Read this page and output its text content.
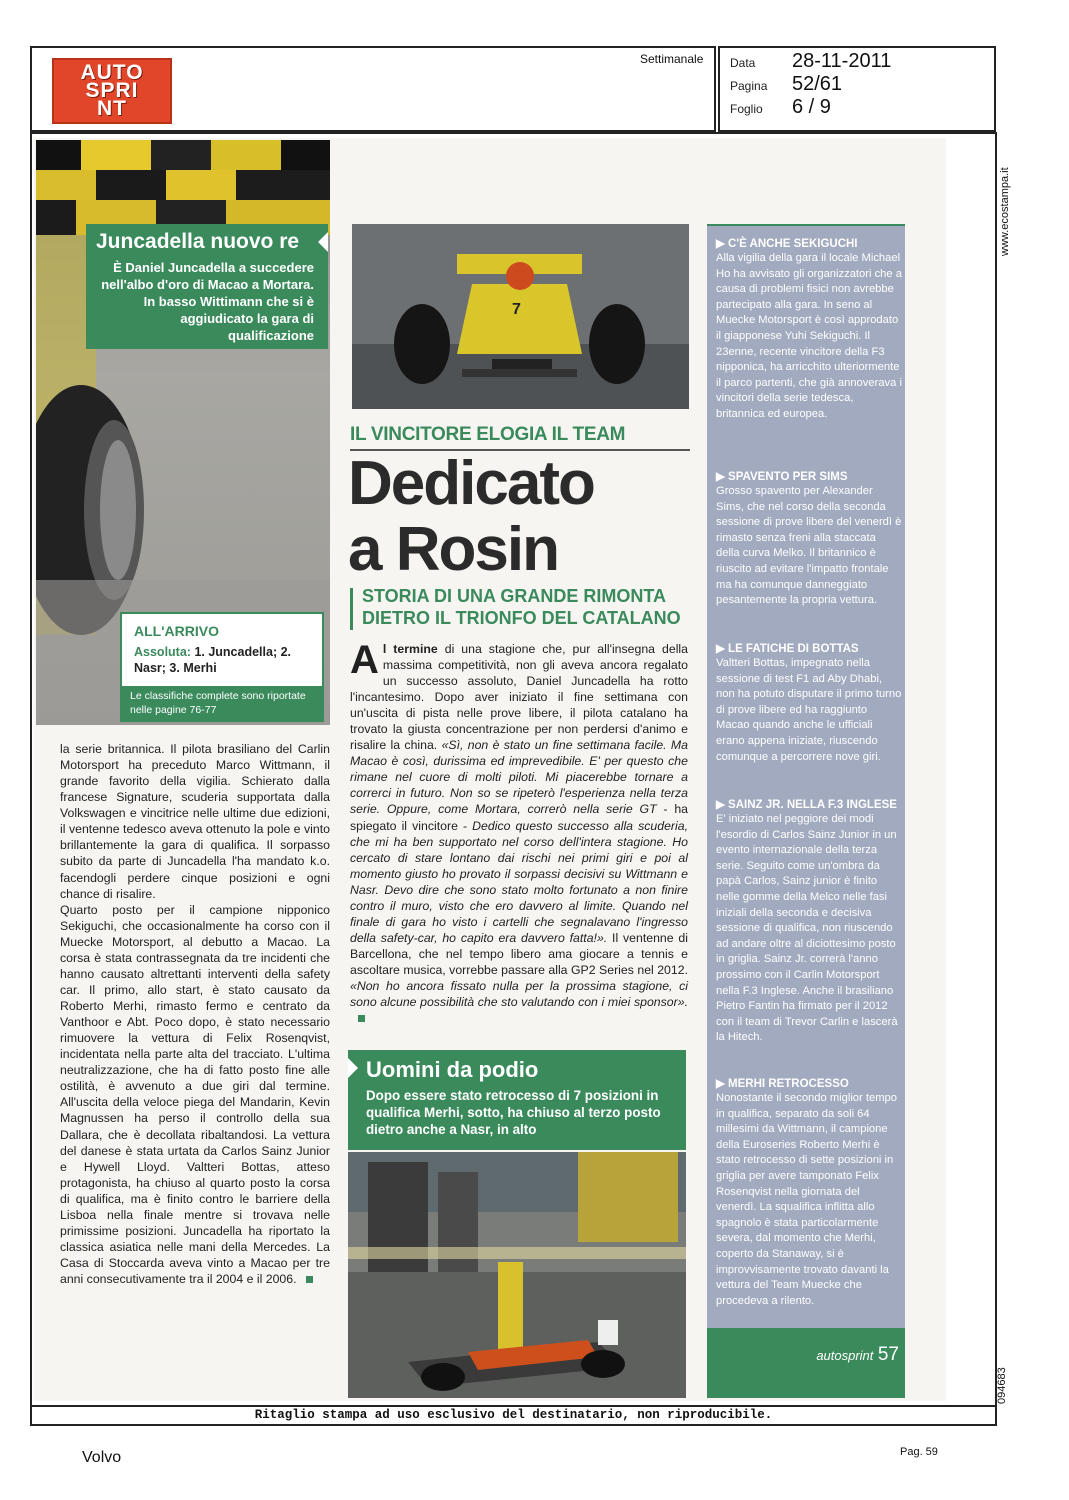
AUTO
SPRI
NT
Settimanale Data 28-11-2011
Pagina 52/61
Foglio 6 / 9
www.ecostampa.it
094683
Juncadella nuovo re
È Daniel Juncadella a succedere nell'albo d'oro di Macao a Mortara. In basso Wittimann che si è aggiudicato la gara di qualificazione
ALL'ARRIVO
Assoluta: 1. Juncadella; 2. Nasr; 3. Merhi
Le classifiche complete sono riportate nelle pagine 76-77
7
IL VINCITORE ELOGIA IL TEAM
Dedicato
a Rosin
STORIA DI UNA GRANDE RIMONTA
DIETRO IL TRIONFO DEL CATALANO
Al termine di una stagione che, pur all'insegna della massima competitività, non gli aveva ancora regalato un successo assoluto, Daniel Juncadella ha rotto l'incantesimo. Dopo aver iniziato il fine settimana con un'uscita di pista nelle prove libere, il pilota catalano ha trovato la giusta concentrazione per non perdersi d'animo e risalire la china. «Sì, non è stato un fine settimana facile. Ma Macao è così, durissima ed imprevedibile. E' per questo che rimane nel cuore di molti piloti. Mi piacerebbe tornare a correrci in futuro. Non so se ripeterò l'esperienza nella terza serie. Oppure, come Mortara, correrò nella serie GT - ha spiegato il vincitore - Dedico questo successo alla scuderia, che mi ha ben supportato nel corso dell'intera stagione. Ho cercato di stare lontano dai rischi nei primi giri e poi al momento giusto ho provato il sorpassi decisivi su Wittmann e Nasr. Devo dire che sono stato molto fortunato a non finire contro il muro, visto che ero davvero al limite. Quando nel finale di gara ho visto i cartelli che segnalavano l'ingresso della safety-car, ho capito era davvero fatta!». Il ventenne di Barcellona, che nel tempo libero ama giocare a tennis e ascoltare musica, vorrebbe passare alla GP2 Series nel 2012. «Non ho ancora fissato nulla per la prossima stagione, ci sono alcune possibilità che sto valutando con i miei sponsor».
la serie britannica. Il pilota brasiliano del Carlin Motorsport ha preceduto Marco Wittmann, il grande favorito della vigilia. Schierato dalla francese Signature, scuderia supportata dalla Volkswagen e vincitrice nelle ultime due edizioni, il ventenne tedesco aveva ottenuto la pole e vinto brillantemente la gara di qualifica. Il sorpasso subito da parte di Juncadella l'ha mandato k.o. facendogli perdere cinque posizioni e ogni chance di risalire.
Quarto posto per il campione nipponico Sekiguchi, che occasionalmente ha corso con il Muecke Motorsport, al debutto a Macao. La corsa è stata contrassegnata da tre incidenti che hanno causato altrettanti interventi della safety car. Il primo, allo start, è stato causato da Roberto Merhi, rimasto fermo e centrato da Vanthoor e Abt. Poco dopo, è stato necessario rimuovere la vettura di Felix Rosenqvist, incidentata nella parte alta del tracciato. L'ultima neutralizzazione, che ha di fatto posto fine alle ostilità, è avvenuto a due giri dal termine. All'uscita della veloce piega del Mandarin, Kevin Magnussen ha perso il controllo della sua Dallara, che è decollata ribaltandosi. La vettura del danese è stata urtata da Carlos Sainz Junior e Hywell Lloyd. Valtteri Bottas, atteso protagonista, ha chiuso al quarto posto la corsa di qualifica, ma è finito contro le barriere della Lisboa nella finale mentre si trovava nelle primissime posizioni. Juncadella ha riportato la classica asiatica nelle mani della Mercedes. La Casa di Stoccarda aveva vinto a Macao per tre anni consecutivamente tra il 2004 e il 2006.
Uomini da podio
Dopo essere stato retrocesso di 7 posizioni in qualifica Merhi, sotto, ha chiuso al terzo posto dietro anche a Nasr, in alto
▶ C'È ANCHE SEKIGUCHI
Alla vigilia della gara il locale Michael Ho ha avvisato gli organizzatori che a causa di problemi fisici non avrebbe partecipato alla gara. In seno al Muecke Motorsport è così approdato il giapponese Yuhi Sekiguchi. Il 23enne, recente vincitore della F3 nipponica, ha arricchito ulteriormente il parco partenti, che già annoverava i vincitori della serie tedesca, britannica ed europea.
▶ SPAVENTO PER SIMS
Grosso spavento per Alexander Sims, che nel corso della seconda sessione di prove libere del venerdì è rimasto senza freni alla staccata della curva Melko. Il britannico è riuscito ad evitare l'impatto frontale ma ha comunque danneggiato pesantemente la propria vettura.
▶ LE FATICHE DI BOTTAS
Valtteri Bottas, impegnato nella sessione di test F1 ad Aby Dhabi, non ha potuto disputare il primo turno di prove libere ed ha raggiunto Macao quando anche le ufficiali erano appena iniziate, riuscendo comunque a percorrere nove giri.
▶ SAINZ JR. NELLA F.3 INGLESE
E' iniziato nel peggiore dei modi l'esordio di Carlos Sainz Junior in un evento internazionale della terza serie. Seguito come un'ombra da papà Carlos, Sainz junior è finito nelle gomme della Melco nelle fasi iniziali della seconda e decisiva sessione di qualifica, non riuscendo ad andare oltre al diciottesimo posto in griglia. Sainz Jr. correrà l'anno prossimo con il Carlin Motorsport nella F.3 Inglese. Anche il brasiliano Pietro Fantin ha firmato per il 2012 con il team di Trevor Carlin e lascerà la Hitech.
▶ MERHI RETROCESSO
Nonostante il secondo miglior tempo in qualifica, separato da soli 64 millesimi da Wittmann, il campione della Euroseries Roberto Merhi è stato retrocesso di sette posizioni in griglia per avere tamponato Felix Rosenqvist nella giornata del venerdì. La squalifica inflitta allo spagnolo è stata particolarmente severa, dal momento che Merhi, coperto da Stanaway, si è improvvisamente trovato davanti la vettura del Team Muecke che procedeva a rilento.
autosprint 57
Ritaglio stampa ad uso esclusivo del destinatario, non riproducibile.
Volvo	Pag. 59
